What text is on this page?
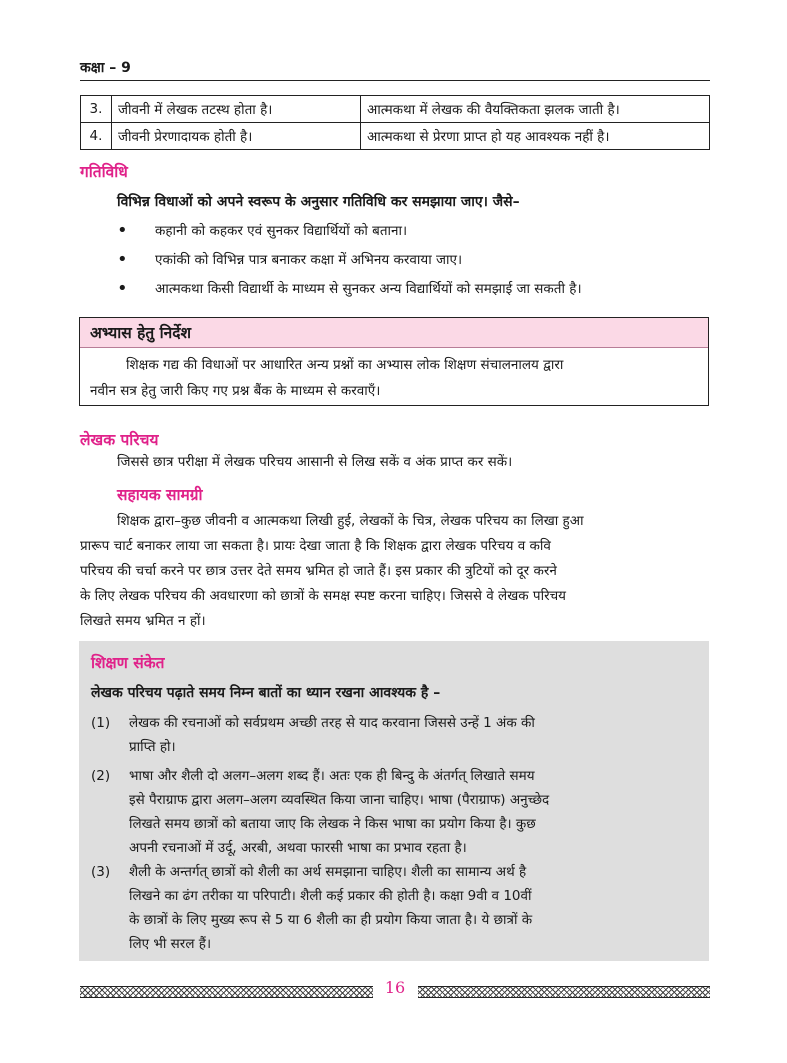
कक्षा – 9
3.	जीवनी में लेखक तटस्थ होता है।	आत्मकथा में लेखक की वैयक्तिकता झलक जाती है।
4.	जीवनी प्रेरणादायक होती है।	आत्मकथा से प्रेरणा प्राप्त हो यह आवश्यक नहीं है।
गतिविधि
विभिन्न विधाओं को अपने स्वरूप के अनुसार गतिविधि कर समझाया जाए। जैसे–
• कहानी को कहकर एवं सुनकर विद्यार्थियों को बताना।
• एकांकी को विभिन्न पात्र बनाकर कक्षा में अभिनय करवाया जाए।
• आत्मकथा किसी विद्यार्थी के माध्यम से सुनकर अन्य विद्यार्थियों को समझाई जा सकती है।
अभ्यास हेतु निर्देश
शिक्षक गद्य की विधाओं पर आधारित अन्य प्रश्नों का अभ्यास लोक शिक्षण संचालनालय द्वारा
नवीन सत्र हेतु जारी किए गए प्रश्न बैंक के माध्यम से करवाएँ।
लेखक परिचय
जिससे छात्र परीक्षा में लेखक परिचय आसानी से लिख सकें व अंक प्राप्त कर सकें।
सहायक सामग्री
शिक्षक द्वारा–कुछ जीवनी व आत्मकथा लिखी हुई, लेखकों के चित्र, लेखक परिचय का लिखा हुआ
प्रारूप चार्ट बनाकर लाया जा सकता है। प्रायः देखा जाता है कि शिक्षक द्वारा लेखक परिचय व कवि
परिचय की चर्चा करने पर छात्र उत्तर देते समय भ्रमित हो जाते हैं। इस प्रकार की त्रुटियों को दूर करने
के लिए लेखक परिचय की अवधारणा को छात्रों के समक्ष स्पष्ट करना चाहिए। जिससे वे लेखक परिचय
लिखते समय भ्रमित न हों।
शिक्षण संकेत
लेखक परिचय पढ़ाते समय निम्न बातों का ध्यान रखना आवश्यक है –
(1)	लेखक की रचनाओं को सर्वप्रथम अच्छी तरह से याद करवाना जिससे उन्हें 1 अंक की
प्राप्ति हो।
(2)	भाषा और शैली दो अलग–अलग शब्द हैं। अतः एक ही बिन्दु के अंतर्गत् लिखाते समय
इसे पैराग्राफ द्वारा अलग–अलग व्यवस्थित किया जाना चाहिए। भाषा (पैराग्राफ) अनुच्छेद
लिखते समय छात्रों को बताया जाए कि लेखक ने किस भाषा का प्रयोग किया है। कुछ
अपनी रचनाओं में उर्दू, अरबी, अथवा फारसी भाषा का प्रभाव रहता है।
(3)	शैली के अन्तर्गत् छात्रों को शैली का अर्थ समझाना चाहिए। शैली का सामान्य अर्थ है
लिखने का ढंग तरीका या परिपाटी। शैली कई प्रकार की होती है। कक्षा 9वी व 10वीं
के छात्रों के लिए मुख्य रूप से 5 या 6 शैली का ही प्रयोग किया जाता है। ये छात्रों के
लिए भी सरल हैं।
16
